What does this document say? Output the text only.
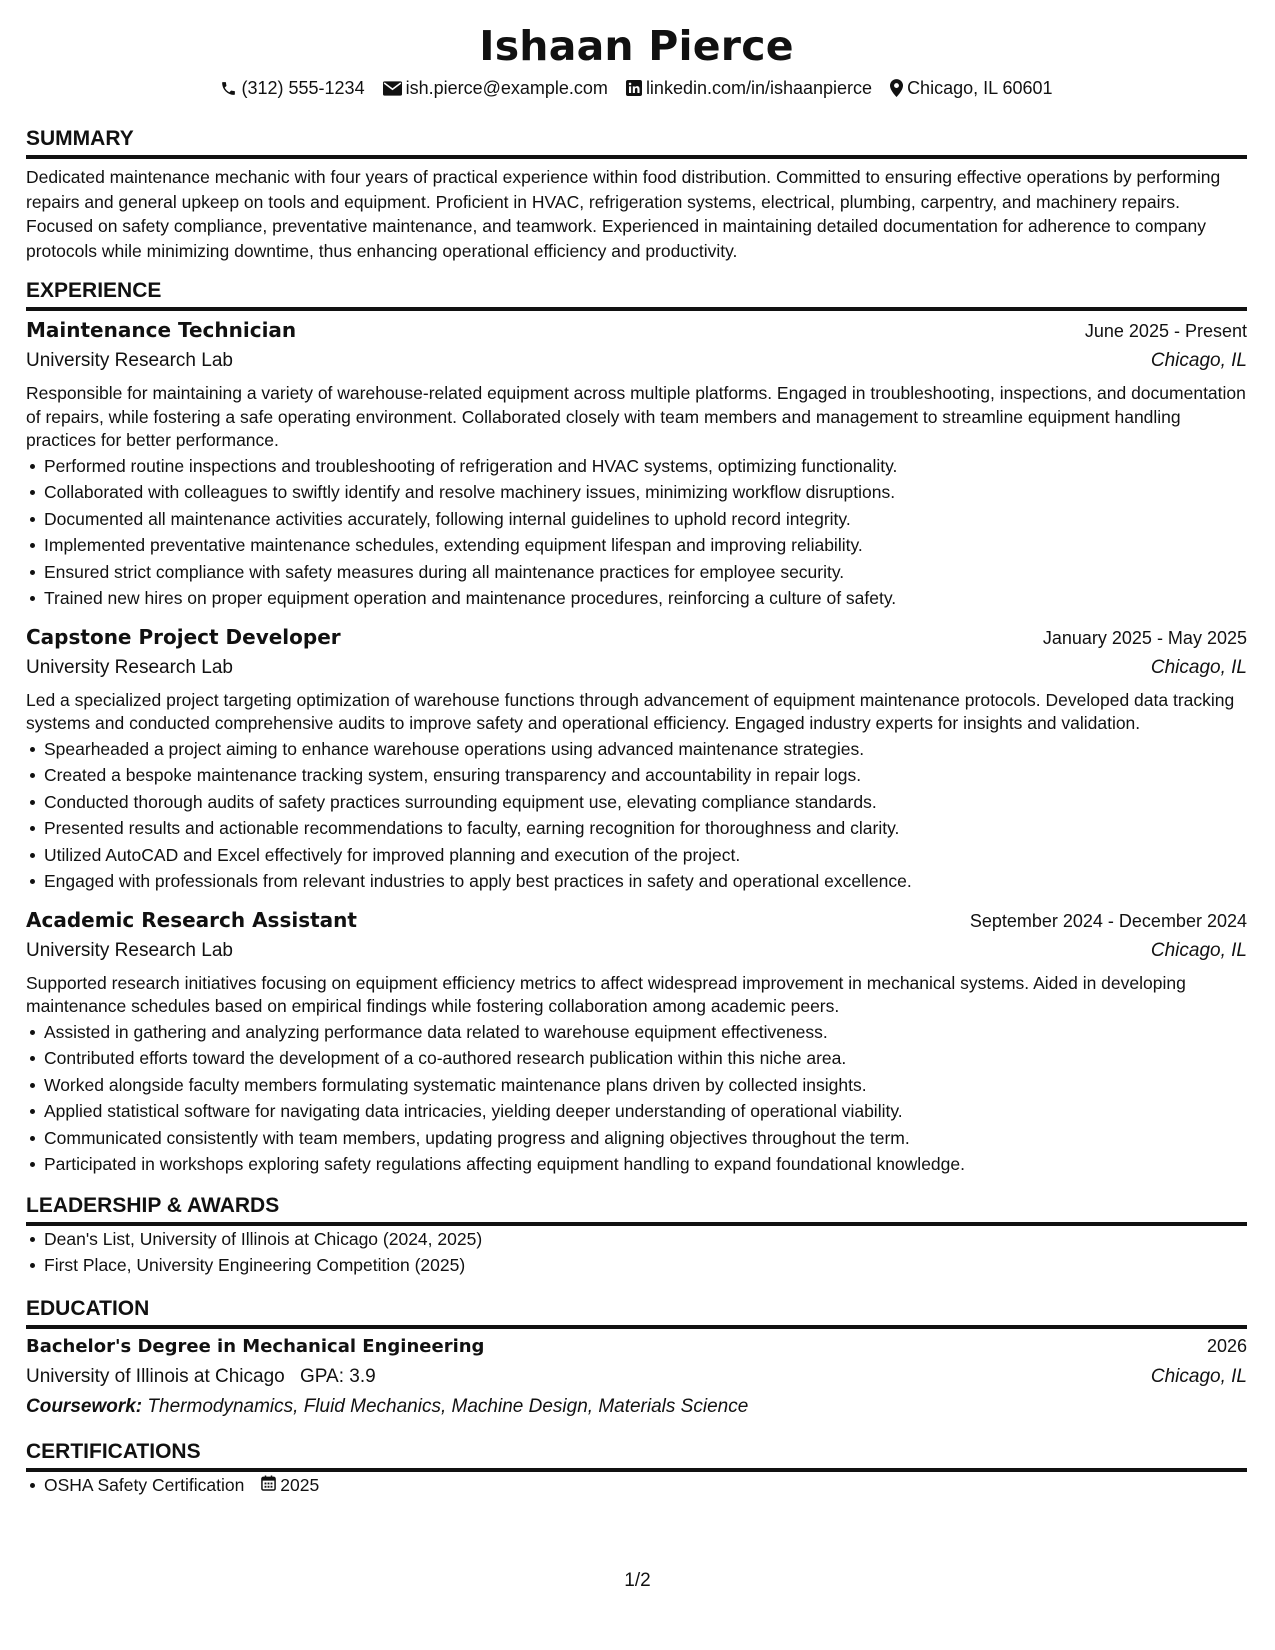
Ishaan Pierce
(312) 555-1234 ish.pierce@example.com linkedin.com/in/ishaanpierce Chicago, IL 60601
SUMMARY
Dedicated maintenance mechanic with four years of practical experience within food distribution. Committed to ensuring effective operations by performing repairs and general upkeep on tools and equipment. Proficient in HVAC, refrigeration systems, electrical, plumbing, carpentry, and machinery repairs. Focused on safety compliance, preventative maintenance, and teamwork. Experienced in maintaining detailed documentation for adherence to company protocols while minimizing downtime, thus enhancing operational efficiency and productivity.
EXPERIENCE
Maintenance Technician	June 2025 - Present
University Research Lab	Chicago, IL
Responsible for maintaining a variety of warehouse-related equipment across multiple platforms. Engaged in troubleshooting, inspections, and documentation of repairs, while fostering a safe operating environment. Collaborated closely with team members and management to streamline equipment handling practices for better performance.
Performed routine inspections and troubleshooting of refrigeration and HVAC systems, optimizing functionality.
Collaborated with colleagues to swiftly identify and resolve machinery issues, minimizing workflow disruptions.
Documented all maintenance activities accurately, following internal guidelines to uphold record integrity.
Implemented preventative maintenance schedules, extending equipment lifespan and improving reliability.
Ensured strict compliance with safety measures during all maintenance practices for employee security.
Trained new hires on proper equipment operation and maintenance procedures, reinforcing a culture of safety.
Capstone Project Developer	January 2025 - May 2025
University Research Lab	Chicago, IL
Led a specialized project targeting optimization of warehouse functions through advancement of equipment maintenance protocols. Developed data tracking systems and conducted comprehensive audits to improve safety and operational efficiency. Engaged industry experts for insights and validation.
Spearheaded a project aiming to enhance warehouse operations using advanced maintenance strategies.
Created a bespoke maintenance tracking system, ensuring transparency and accountability in repair logs.
Conducted thorough audits of safety practices surrounding equipment use, elevating compliance standards.
Presented results and actionable recommendations to faculty, earning recognition for thoroughness and clarity.
Utilized AutoCAD and Excel effectively for improved planning and execution of the project.
Engaged with professionals from relevant industries to apply best practices in safety and operational excellence.
Academic Research Assistant	September 2024 - December 2024
University Research Lab	Chicago, IL
Supported research initiatives focusing on equipment efficiency metrics to affect widespread improvement in mechanical systems. Aided in developing maintenance schedules based on empirical findings while fostering collaboration among academic peers.
Assisted in gathering and analyzing performance data related to warehouse equipment effectiveness.
Contributed efforts toward the development of a co-authored research publication within this niche area.
Worked alongside faculty members formulating systematic maintenance plans driven by collected insights.
Applied statistical software for navigating data intricacies, yielding deeper understanding of operational viability.
Communicated consistently with team members, updating progress and aligning objectives throughout the term.
Participated in workshops exploring safety regulations affecting equipment handling to expand foundational knowledge.
LEADERSHIP & AWARDS
Dean's List, University of Illinois at Chicago (2024, 2025)
First Place, University Engineering Competition (2025)
EDUCATION
Bachelor's Degree in Mechanical Engineering	2026
University of Illinois at Chicago GPA: 3.9	Chicago, IL
Coursework: Thermodynamics, Fluid Mechanics, Machine Design, Materials Science
CERTIFICATIONS
OSHA Safety Certification 2025
1/2
